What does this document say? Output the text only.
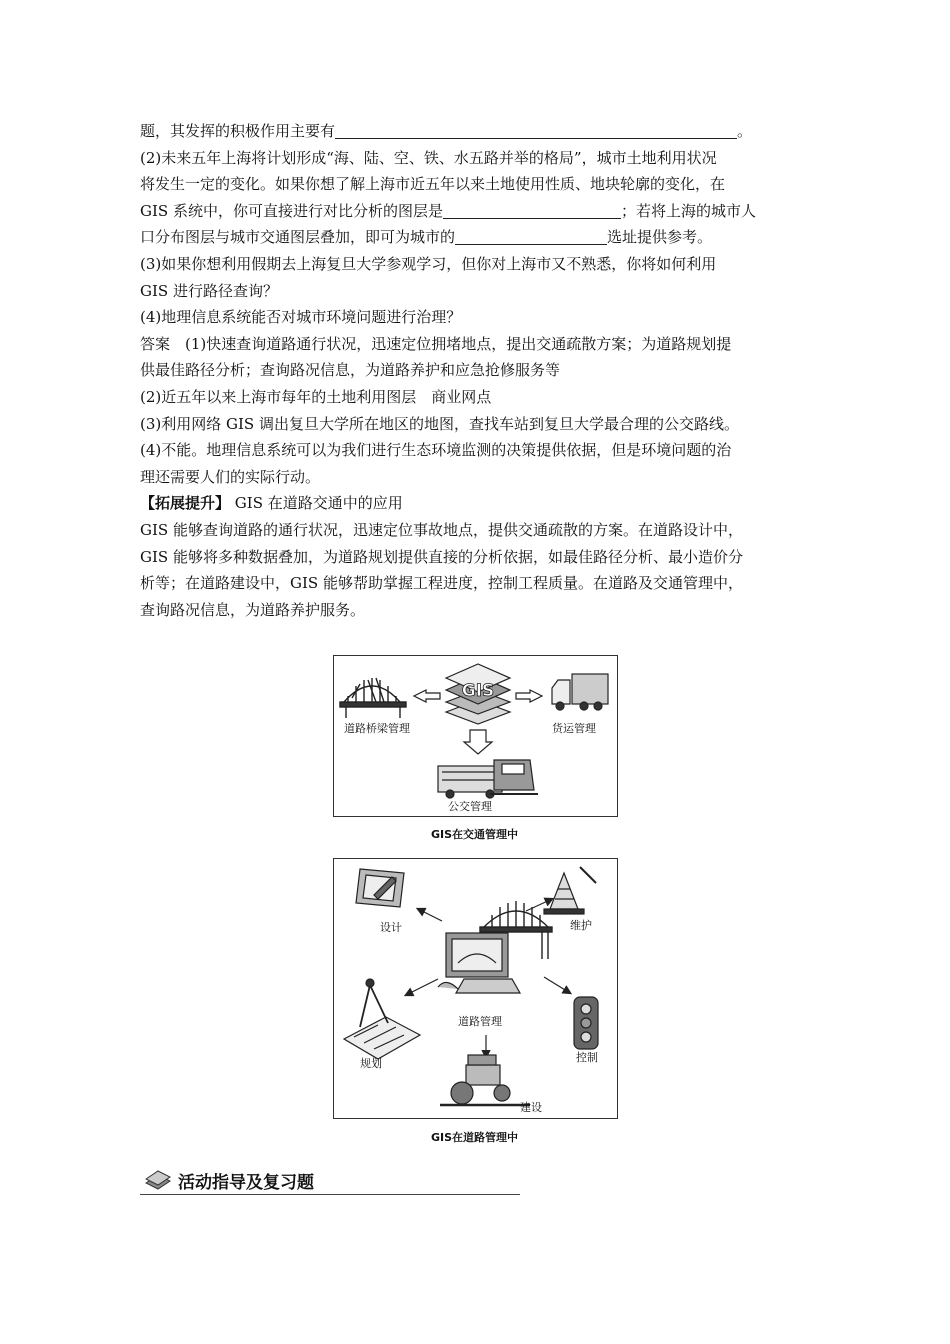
题，其发挥的积极作用主要有	。

(2)未来五年上海将计划形成“海、陆、空、铁、水五路并举的格局”，城市土地利用状况

将发生一定的变化。如果你想了解上海市近五年以来土地使用性质、地块轮廓的变化，在

GIS 系统中，你可直接进行对比分析的图层是	；若将上海的城市人

口分布图层与城市交通图层叠加，即可为城市的	选址提供参考。

(3)如果你想利用假期去上海复旦大学参观学习，但你对上海市又不熟悉，你将如何利用

GIS 进行路径查询？

(4)地理信息系统能否对城市环境问题进行治理？

答案　(1)快速查询道路通行状况，迅速定位拥堵地点，提出交通疏散方案；为道路规划提

供最佳路径分析；查询路况信息，为道路养护和应急抢修服务等

(2)近五年以来上海市每年的土地利用图层　商业网点

(3)利用网络 GIS 调出复旦大学所在地区的地图，查找车站到复旦大学最合理的公交路线。

(4)不能。地理信息系统可以为我们进行生态环境监测的决策提供依据，但是环境问题的治

理还需要人们的实际行动。

【拓展提升】 GIS 在道路交通中的应用

GIS 能够查询道路的通行状况，迅速定位事故地点，提供交通疏散的方案。在道路设计中，

GIS 能够将多种数据叠加，为道路规划提供直接的分析依据，如最佳路径分析、最小造价分

析等；在道路建设中，GIS 能够帮助掌握工程进度，控制工程质量。在道路及交通管理中，

查询路况信息，为道路养护服务。

GIS
道路桥梁管理	货运管理
公交管理
GIS在交通管理中
设计	维护
道路管理
规划	控制
建设
GIS在道路管理中
活动指导及复习题
